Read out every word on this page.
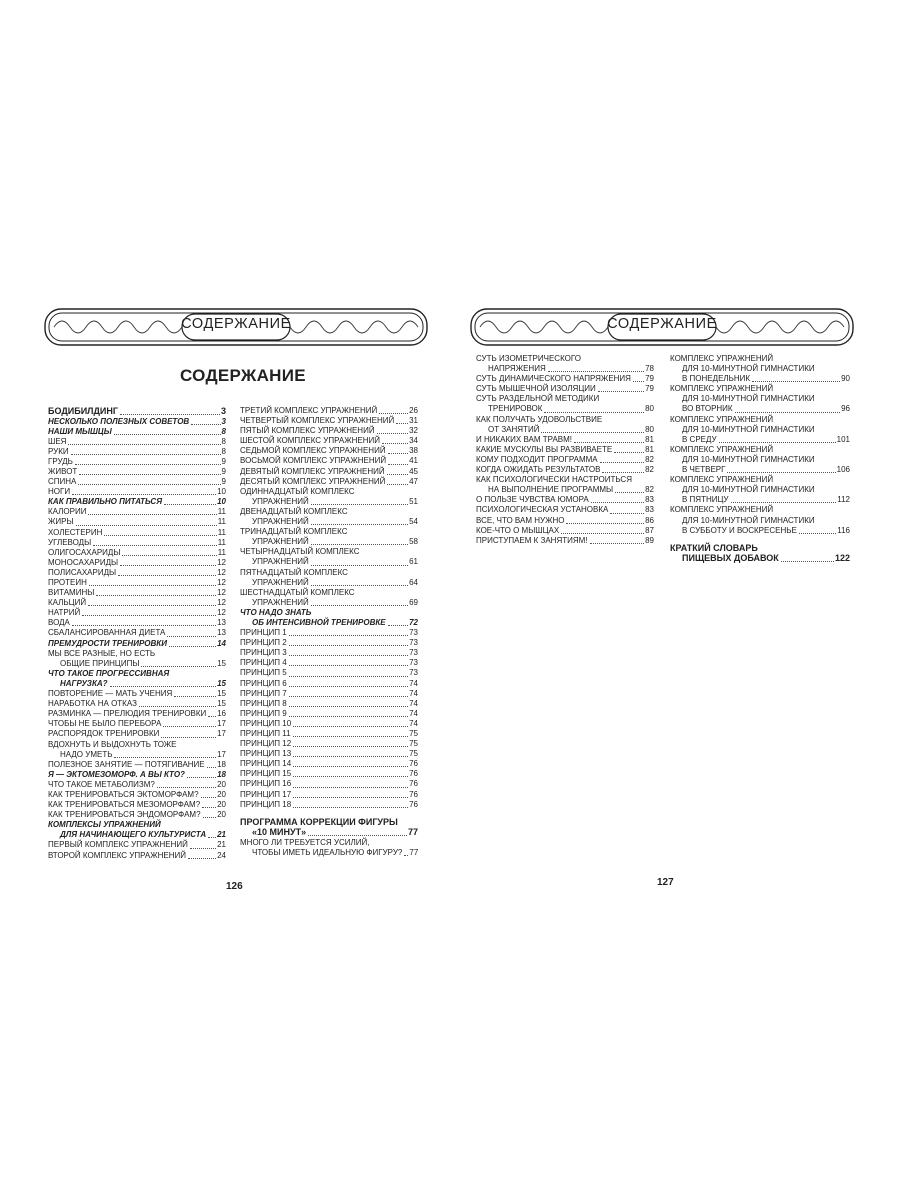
СОДЕРЖАНИЕ
СОДЕРЖАНИЕ
БОДИБИЛДИНГ	3
НЕСКОЛЬКО ПОЛЕЗНЫХ СОВЕТОВ	3
НАШИ МЫШЦЫ	8
ШЕЯ	8
РУКИ	8
ГРУДЬ	9
ЖИВОТ	9
СПИНА	9
НОГИ	10
КАК ПРАВИЛЬНО ПИТАТЬСЯ	10
КАЛОРИИ	11
ЖИРЫ	11
ХОЛЕСТЕРИН	11
УГЛЕВОДЫ	11
ОЛИГОСАХАРИДЫ	11
МОНОСАХАРИДЫ	12
ПОЛИСАХАРИДЫ	12
ПРОТЕИН	12
ВИТАМИНЫ	12
КАЛЬЦИЙ	12
НАТРИЙ	12
ВОДА	13
СБАЛАНСИРОВАННАЯ ДИЕТА	13
ПРЕМУДРОСТИ ТРЕНИРОВКИ	14
МЫ ВСЕ РАЗНЫЕ, НО ЕСТЬ
ОБЩИЕ ПРИНЦИПЫ	15
ЧТО ТАКОЕ ПРОГРЕССИВНАЯ
НАГРУЗКА?	15
ПОВТОРЕНИЕ — МАТЬ УЧЕНИЯ	15
НАРАБОТКА НА ОТКАЗ	15
РАЗМИНКА — ПРЕЛЮДИЯ ТРЕНИРОВКИ 16
ЧТОБЫ НЕ БЫЛО ПЕРЕБОРА	17
РАСПОРЯДОК ТРЕНИРОВКИ	17
ВДОХНУТЬ И ВЫДОХНУТЬ ТОЖЕ
НАДО УМЕТЬ	17
ПОЛЕЗНОЕ ЗАНЯТИЕ — ПОТЯГИВАНИЕ 18
Я — ЭКТОМЕЗОМОРФ. А ВЫ КТО?	18
ЧТО ТАКОЕ МЕТАБОЛИЗМ?	20
КАК ТРЕНИРОВАТЬСЯ ЭКТОМОРФАМ? 20
КАК ТРЕНИРОВАТЬСЯ МЕЗОМОРФАМ? 20
КАК ТРЕНИРОВАТЬСЯ ЭНДОМОРФАМ? 20
КОМПЛЕКСЫ УПРАЖНЕНИЙ
ДЛЯ НАЧИНАЮЩЕГО КУЛЬТУРИСТА 21
ПЕРВЫЙ КОМПЛЕКС УПРАЖНЕНИЙ	21
ВТОРОЙ КОМПЛЕКС УПРАЖНЕНИЙ	24
ТРЕТИЙ КОМПЛЕКС УПРАЖНЕНИЙ	26
ЧЕТВЕРТЫЙ КОМПЛЕКС УПРАЖНЕНИЙ 31
ПЯТЫЙ КОМПЛЕКС УПРАЖНЕНИЙ	32
ШЕСТОЙ КОМПЛЕКС УПРАЖНЕНИЙ	34
СЕДЬМОЙ КОМПЛЕКС УПРАЖНЕНИЙ	38
ВОСЬМОЙ КОМПЛЕКС УПРАЖНЕНИЙ	41
ДЕВЯТЫЙ КОМПЛЕКС УПРАЖНЕНИЙ	45
ДЕСЯТЫЙ КОМПЛЕКС УПРАЖНЕНИЙ	47
ОДИННАДЦАТЫЙ КОМПЛЕКС
УПРАЖНЕНИЙ	51
ДВЕНАДЦАТЫЙ КОМПЛЕКС
УПРАЖНЕНИЙ	54
ТРИНАДЦАТЫЙ КОМПЛЕКС
УПРАЖНЕНИЙ	58
ЧЕТЫРНАДЦАТЫЙ КОМПЛЕКС
УПРАЖНЕНИЙ	61
ПЯТНАДЦАТЫЙ КОМПЛЕКС
УПРАЖНЕНИЙ	64
ШЕСТНАДЦАТЫЙ КОМПЛЕКС
УПРАЖНЕНИЙ	69
ЧТО НАДО ЗНАТЬ
ОБ ИНТЕНСИВНОЙ ТРЕНИРОВКЕ	72
ПРИНЦИП 1	73
ПРИНЦИП 2	73
ПРИНЦИП 3	73
ПРИНЦИП 4	73
ПРИНЦИП 5	73
ПРИНЦИП 6	74
ПРИНЦИП 7	74
ПРИНЦИП 8	74
ПРИНЦИП 9	74
ПРИНЦИП 10	74
ПРИНЦИП 11	75
ПРИНЦИП 12	75
ПРИНЦИП 13	75
ПРИНЦИП 14	76
ПРИНЦИП 15	76
ПРИНЦИП 16	76
ПРИНЦИП 17	76
ПРИНЦИП 18	76
ПРОГРАММА КОРРЕКЦИИ ФИГУРЫ
«10 МИНУТ»	77
МНОГО ЛИ ТРЕБУЕТСЯ УСИЛИЙ,
ЧТОБЫ ИМЕТЬ ИДЕАЛЬНУЮ ФИГУРУ? 77
126
СОДЕРЖАНИЕ
СУТЬ ИЗОМЕТРИЧЕСКОГО
НАПРЯЖЕНИЯ	78
СУТЬ ДИНАМИЧЕСКОГО НАПРЯЖЕНИЯ 79
СУТЬ МЫШЕЧНОЙ ИЗОЛЯЦИИ	79
СУТЬ РАЗДЕЛЬНОЙ МЕТОДИКИ
ТРЕНИРОВОК	80
КАК ПОЛУЧАТЬ УДОВОЛЬСТВИЕ
ОТ ЗАНЯТИЙ	80
И НИКАКИХ ВАМ ТРАВМ!	81
КАКИЕ МУСКУЛЫ ВЫ РАЗВИВАЕТЕ	81
КОМУ ПОДХОДИТ ПРОГРАММА	82
КОГДА ОЖИДАТЬ РЕЗУЛЬТАТОВ	82
КАК ПСИХОЛОГИЧЕСКИ НАСТРОИТЬСЯ
НА ВЫПОЛНЕНИЕ ПРОГРАММЫ	82
О ПОЛЬЗЕ ЧУВСТВА ЮМОРА	83
ПСИХОЛОГИЧЕСКАЯ УСТАНОВКА	83
ВСЕ, ЧТО ВАМ НУЖНО	86
КОЕ-ЧТО О МЫШЦАХ	87
ПРИСТУПАЕМ К ЗАНЯТИЯМ!	89
КОМПЛЕКС УПРАЖНЕНИЙ
ДЛЯ 10-МИНУТНОЙ ГИМНАСТИКИ
В ПОНЕДЕЛЬНИК	90
КОМПЛЕКС УПРАЖНЕНИЙ
ДЛЯ 10-МИНУТНОЙ ГИМНАСТИКИ
ВО ВТОРНИК	96
КОМПЛЕКС УПРАЖНЕНИЙ
ДЛЯ 10-МИНУТНОЙ ГИМНАСТИКИ
В СРЕДУ	101
КОМПЛЕКС УПРАЖНЕНИЙ
ДЛЯ 10-МИНУТНОЙ ГИМНАСТИКИ
В ЧЕТВЕРГ	106
КОМПЛЕКС УПРАЖНЕНИЙ
ДЛЯ 10-МИНУТНОЙ ГИМНАСТИКИ
В ПЯТНИЦУ	112
КОМПЛЕКС УПРАЖНЕНИЙ
ДЛЯ 10-МИНУТНОЙ ГИМНАСТИКИ
В СУББОТУ И ВОСКРЕСЕНЬЕ	116
КРАТКИЙ СЛОВАРЬ
ПИЩЕВЫХ ДОБАВОК	122
127
